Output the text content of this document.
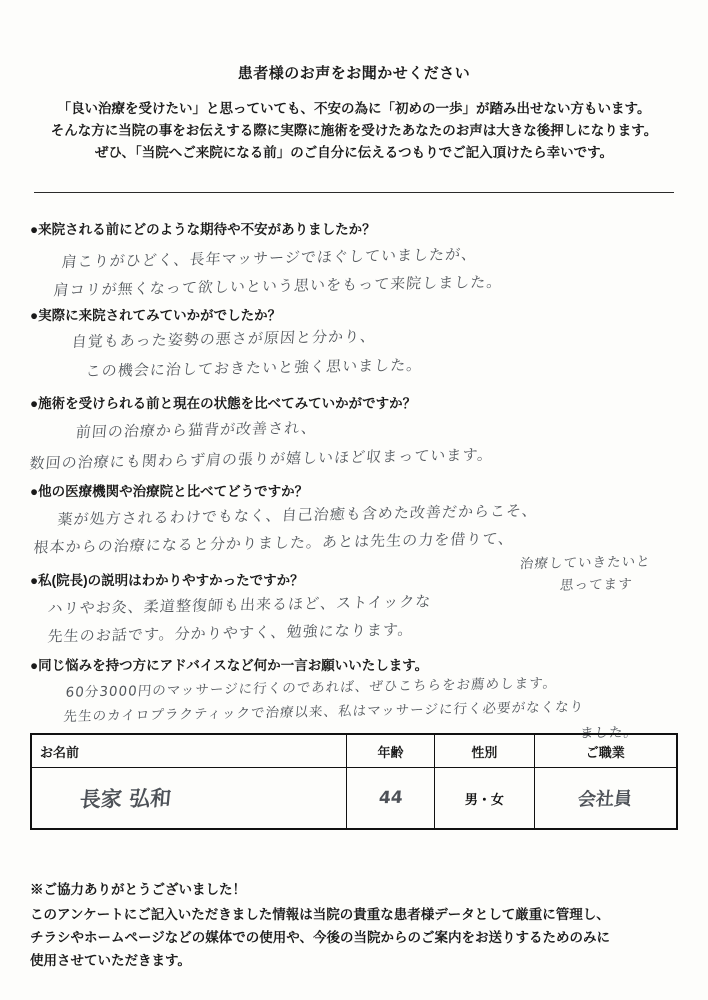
患者様のお声をお聞かせください
「良い治療を受けたい」と思っていても、不安の為に「初めの一歩」が踏み出せない方もいます。
そんな方に当院の事をお伝えする際に実際に施術を受けたあなたのお声は大きな後押しになります。
ぜひ、「当院へご来院になる前」のご自分に伝えるつもりでご記入頂けたら幸いです。
●来院される前にどのような期待や不安がありましたか？
肩こりがひどく、長年マッサージでほぐしていましたが、
肩コリが無くなって欲しいという思いをもって来院しました。
●実際に来院されてみていかがでしたか？
自覚もあった姿勢の悪さが原因と分かり、
この機会に治しておきたいと強く思いました。
●施術を受けられる前と現在の状態を比べてみていかがですか？
前回の治療から猫背が改善され、
数回の治療にも関わらず肩の張りが嬉しいほど収まっています。
●他の医療機関や治療院と比べてどうですか？
薬が処方されるわけでもなく、自己治癒も含めた改善だからこそ、
根本からの治療になると分かりました。あとは先生の力を借りて、
治療していきたいと
思ってます
●私(院長)の説明はわかりやすかったですか？
ハリやお灸、柔道整復師も出来るほど、ストイックな
先生のお話です。分かりやすく、勉強になります。
●同じ悩みを持つ方にアドバイスなど何か一言お願いいたします。
60分3000円のマッサージに行くのであれば、ぜひこちらをお薦めします。
先生のカイロプラクティックで治療以来、私はマッサージに行く必要がなくなり
ました。
お名前	年齢	性別	ご職業
長家 弘和	44	男・女	会社員
※ご協力ありがとうございました！
このアンケートにご記入いただきました情報は当院の貴重な患者様データとして厳重に管理し、
チラシやホームページなどの媒体での使用や、今後の当院からのご案内をお送りするためのみに
使用させていただきます。
